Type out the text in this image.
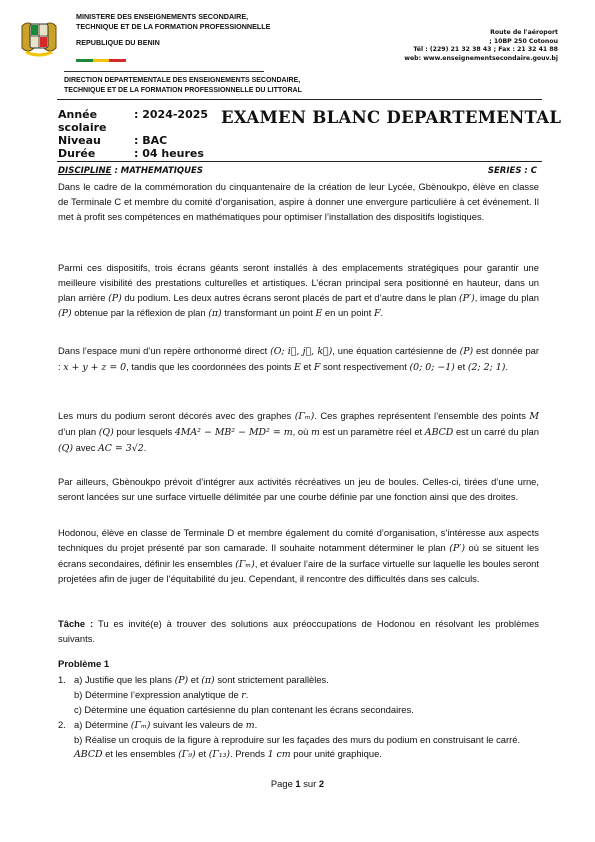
MINISTERE DES ENSEIGNEMENTS SECONDAIRE,
TECHNIQUE ET DE LA FORMATION PROFESSIONNELLE
REPUBLIQUE DU BENIN
Route de l'aéroport
; 10BP 250 Cotonou
Tél : (229) 21 32 38 43 ; Fax : 21 32 41 88
web: www.enseignementsecondaire.gouv.bj
DIRECTION DEPARTEMENTALE DES ENSEIGNEMENTS SECONDAIRE,
TECHNIQUE ET DE LA FORMATION PROFESSIONNELLE DU LITTORAL
Année scolaire
: 2024-2025
Niveau	: BAC
Durée	: 04 heures
EXAMEN BLANC DEPARTEMENTAL
DISCIPLINE : MATHEMATIQUES	SERIES : C
Dans le cadre de la commémoration du cinquantenaire de la création de leur Lycée, Gbènoukpo, élève en classe de Terminale C et membre du comité d’organisation, aspire à donner une envergure particulière à cet événement. Il met à profit ses compétences en mathématiques pour optimiser l’installation des dispositifs logistiques.
Parmi ces dispositifs, trois écrans géants seront installés à des emplacements stratégiques pour garantir une meilleure visibilité des prestations culturelles et artistiques. L’écran principal sera positionné en hauteur, dans un plan arrière (P) du podium. Les deux autres écrans seront placés de part et d’autre dans le plan (P′), image du plan (P) obtenue par la réflexion de plan (π) transformant un point E en un point F.
Dans l’espace muni d’un repère orthonormé direct (O; i⃗, j⃗, k⃗), une équation cartésienne de (P) est donnée par : x + y + z = 0, tandis que les coordonnées des points E et F sont respectivement (0; 0; −1) et (2; 2; 1).
Les murs du podium seront décorés avec des graphes (Γₘ). Ces graphes représentent l’ensemble des points M d’un plan (Q) pour lesquels 4MA² − MB² − MD² = m, où m est un paramètre réel et ABCD est un carré du plan (Q) avec AC = 3√2.
Par ailleurs, Gbènoukpo prévoit d’intégrer aux activités récréatives un jeu de boules. Celles-ci, tirées d’une urne, seront lancées sur une surface virtuelle délimitée par une courbe définie par une fonction ainsi que des droites.
Hodonou, élève en classe de Terminale D et membre également du comité d’organisation, s’intéresse aux aspects techniques du projet présenté par son camarade. Il souhaite notamment déterminer le plan (P′) où se situent les écrans secondaires, définir les ensembles (Γₘ), et évaluer l’aire de la surface virtuelle sur laquelle les boules seront projetées afin de juger de l’équitabilité du jeu. Cependant, il rencontre des difficultés dans ses calculs.
Tâche : Tu es invité(e) à trouver des solutions aux préoccupations de Hodonou en résolvant les problèmes suivants.
Problème 1
1. a) Justifie que les plans (P) et (π) sont strictement parallèles.
b) Détermine l’expression analytique de r.
c) Détermine une équation cartésienne du plan contenant les écrans secondaires.
2. a) Détermine (Γₘ) suivant les valeurs de m.
b) Réalise un croquis de la figure à reproduire sur les façades des murs du podium en construisant le carré. ABCD et les ensembles (Γ₉) et (Γ₁₃). Prends 1 cm pour unité graphique.
Page 1 sur 2
